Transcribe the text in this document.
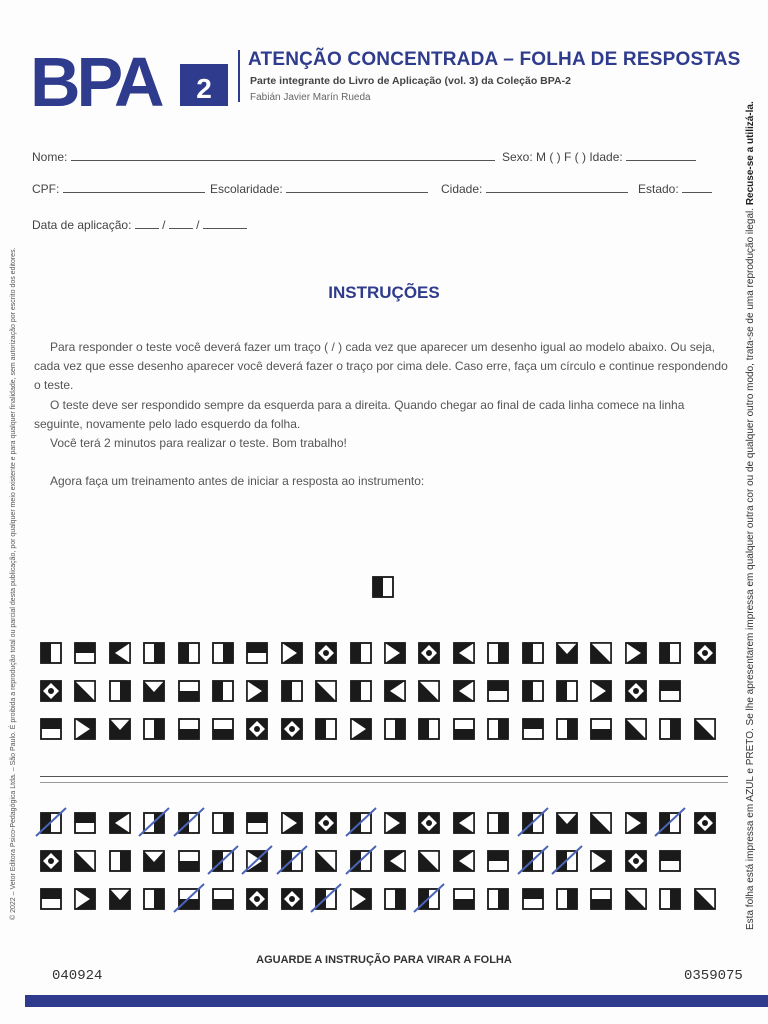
BPA 2
ATENÇÃO CONCENTRADA – FOLHA DE RESPOSTAS
Parte integrante do Livro de Aplicação (vol. 3) da Coleção BPA-2
Fabián Javier Marín Rueda
Nome:	Sexo: M ( ) F ( ) Idade:
CPF:	Escolaridade:	Cidade:	Estado:
Data de aplicação:  /  /
INSTRUÇÕES
Para responder o teste você deverá fazer um traço ( / ) cada vez que aparecer um desenho igual ao modelo abaixo. Ou seja, cada vez que esse desenho aparecer você deverá fazer o traço por cima dele. Caso erre, faça um círculo e continue respondendo o teste.
O teste deve ser respondido sempre da esquerda para a direita. Quando chegar ao final de cada linha comece na linha seguinte, novamente pelo lado esquerdo da folha.
Você terá 2 minutos para realizar o teste. Bom trabalho!
Agora faça um treinamento antes de iniciar a resposta ao instrumento:
© 2022 – Vetor Editora Psico-Pedagógica Ltda. – São Paulo. É proibida a reprodução total ou parcial desta publicação, por qualquer meio existente e para qualquer finalidade, sem autorização por escrito dos editores.	Esta folha está impressa em AZUL e PRETO. Se lhe apresentarem impressa em qualquer outra cor ou de qualquer outro modo, trata-se de uma reprodução ilegal. Recuse-se a utilizá-la.
AGUARDE A INSTRUÇÃO PARA VIRAR A FOLHA
040924	0359075
